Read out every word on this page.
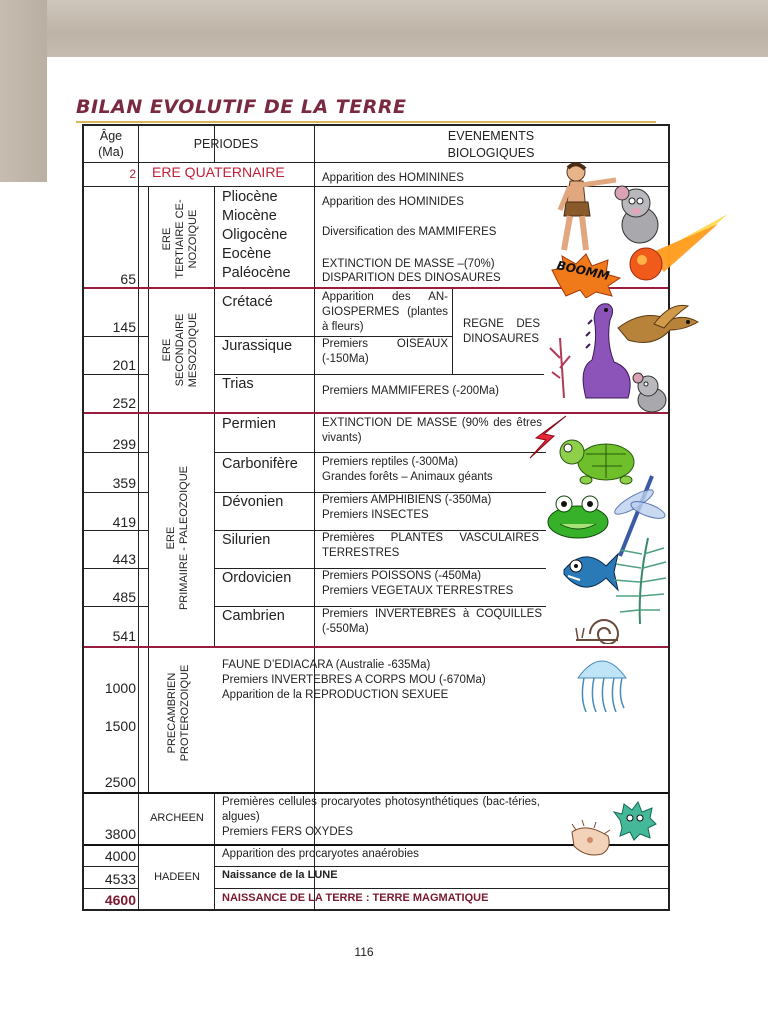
BILAN EVOLUTIF DE LA TERRE
Âge
(Ma)
PERIODES
EVENEMENTS
BIOLOGIQUES
2 ERE QUATERNAIRE	Apparition des HOMININES
ERE TERTIAIRE CE- NOZOIQUE
65
Pliocène
Miocène
Oligocène
Eocène
Paléocène
Apparition des HOMINIDES
Diversification des MAMMIFERES
EXTINCTION DE MASSE –(70%)
DISPARITION DES DINOSAURES
ERE SECONDAIRE MESOZOIQUE
145
201
252
Crétacé
Jurassique
Trias
Apparition des AN- GIOSPERMES (plantes à fleurs)
Premiers OISEAUX (-150Ma)
Premiers MAMMIFERES (-200Ma)
REGNE DES DINOSAURES
ERE PRIMAIIRE - PALEOZOIQUE
299
359
419
443
485
541
Permien
Carbonifère
Dévonien
Silurien
Ordovicien
Cambrien
EXTINCTION DE MASSE (90% des êtres vivants)
Premiers reptiles (-300Ma)
Grandes forêts – Animaux géants
Premiers AMPHIBIENS (-350Ma)
Premiers INSECTES
Premières PLANTES VASCULAIRES TERRESTRES
Premiers POISSONS (-450Ma)
Premiers VEGETAUX TERRESTRES
Premiers INVERTEBRES à COQUILLES (-550Ma)
PRECAMBRIEN PROTEROZOIQUE
1000
1500
2500
FAUNE D’EDIACARA (Australie -635Ma)
Premiers INVERTEBRES A CORPS MOU (-670Ma)
Apparition de la REPRODUCTION SEXUEE
ARCHEEN
3800
Premières cellules procaryotes photosynthétiques (bac-téries, algues)
Premiers FERS OXYDES
HADEEN
4000
4533
4600
Apparition des procaryotes anaérobies
Naissance de la LUNE
NAISSANCE DE LA TERRE : TERRE MAGMATIQUE
BOOMM
116
